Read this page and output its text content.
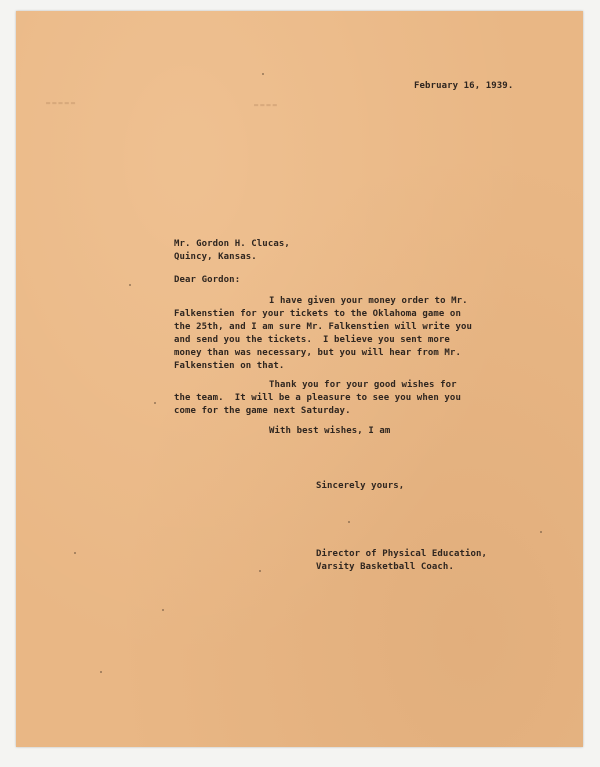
▬▬▬▬▬	▬▬▬▬
February 16, 1939.
Mr. Gordon H. Clucas,
Quincy, Kansas.
Dear Gordon:
I have given your money order to Mr.
Falkenstien for your tickets to the Oklahoma game on
the 25th, and I am sure Mr. Falkenstien will write you
and send you the tickets.  I believe you sent more
money than was necessary, but you will hear from Mr.
Falkenstien on that.
Thank you for your good wishes for
the team.  It will be a pleasure to see you when you
come for the game next Saturday.
With best wishes, I am
Sincerely yours,
Director of Physical Education,
Varsity Basketball Coach.
